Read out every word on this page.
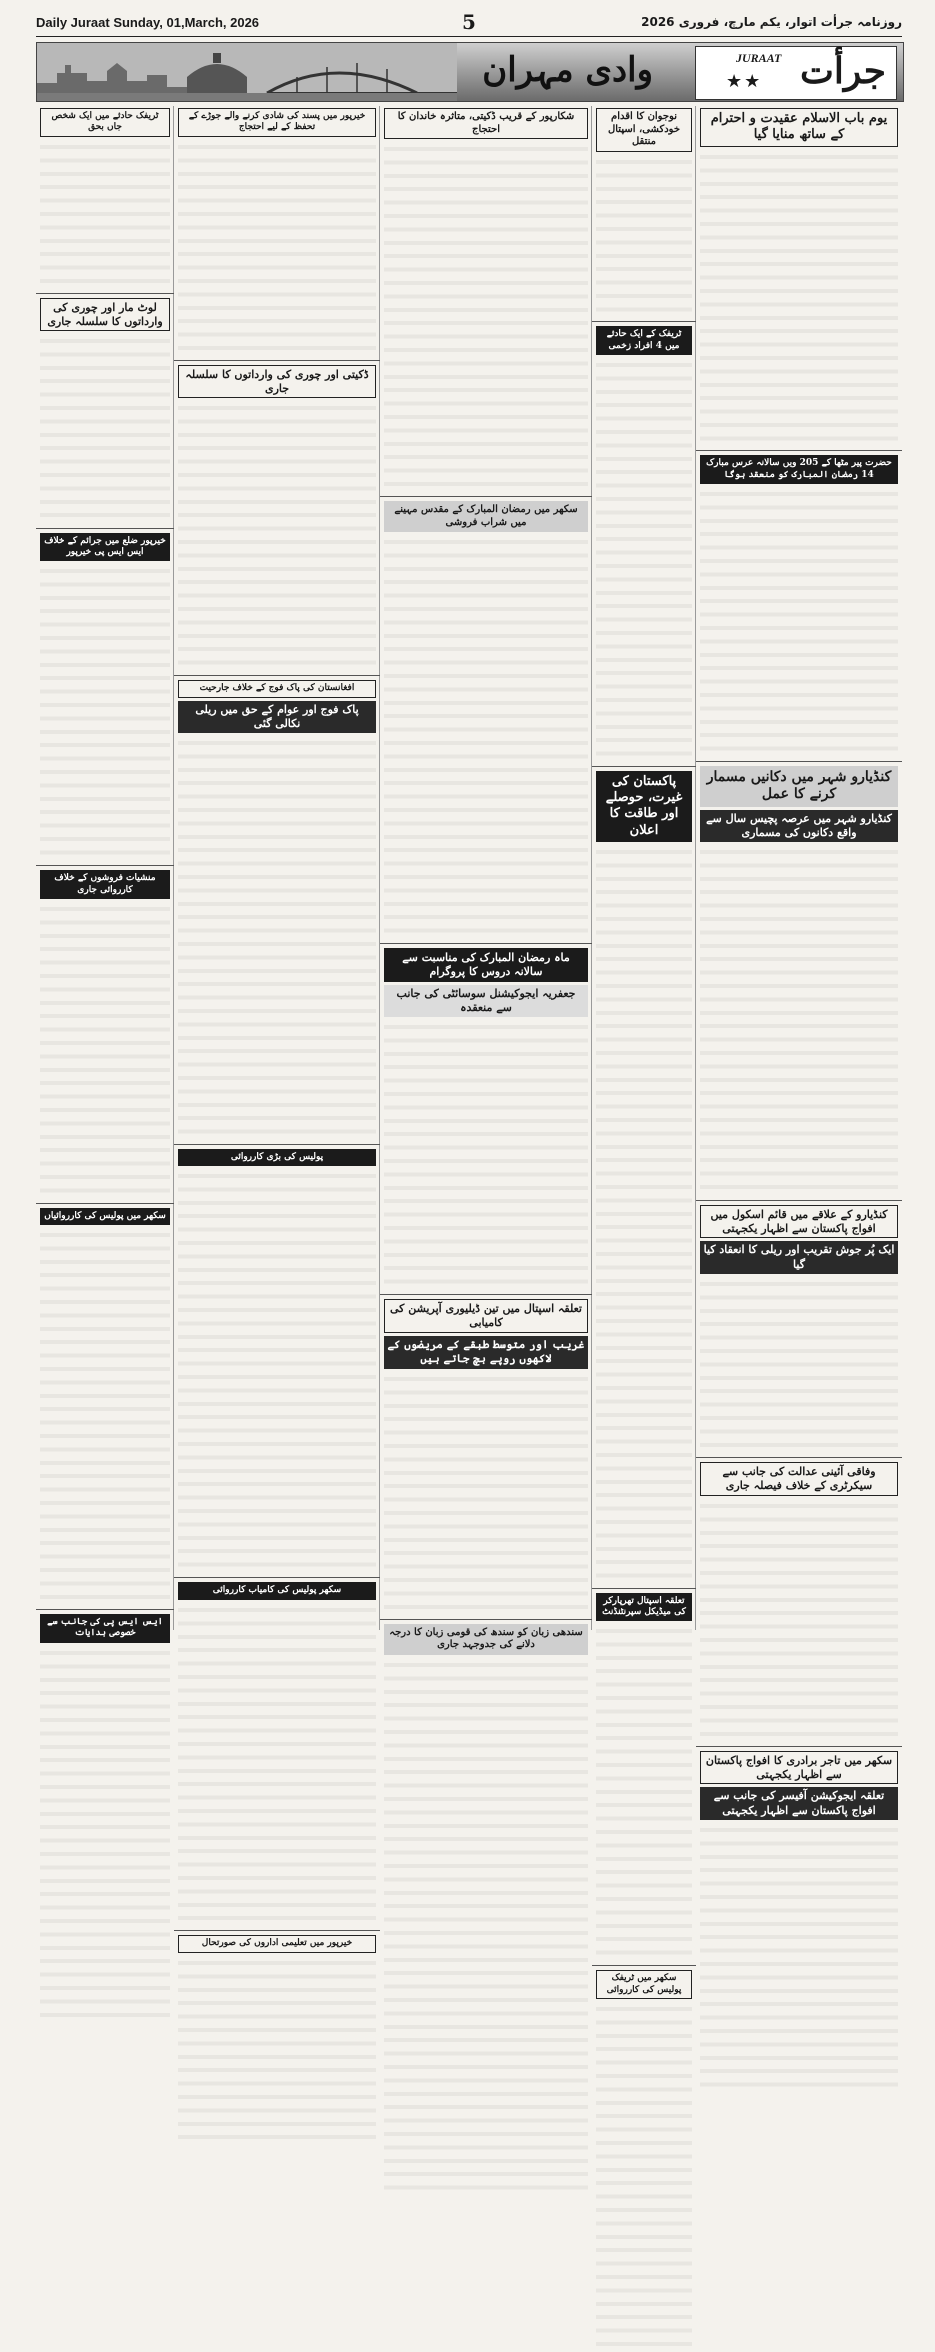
Daily Juraat Sunday, 01,March, 2026	5	روزنامہ جرأت اتوار، یکم مارچ، فروری 2026
وادی مہران	JURAAT
★★ جرأت
یوم باب الاسلام عقیدت و احترام کے ساتھ منایا گیا
حضرت پیر مٹھا کے 205 ویں سالانہ عرس مبارک 14 رمضان المبارک کو منعقد ہوگا
کنڈیارو شہر میں دکانیں مسمار کرنے کا عمل
کنڈیارو شہر میں عرصہ پچیس سال سے واقع دکانوں کی مسماری
کنڈیارو کے علاقے میں قائم اسکول میں افواج پاکستان سے اظہار یکجہتی
ایک پُر جوش تقریب اور ریلی کا انعقاد کیا گیا
وفاقی آئینی عدالت کی جانب سے سیکرٹری کے خلاف فیصلہ جاری
سکھر میں تاجر برادری کا افواج پاکستان سے اظہار یکجہتی
تعلقہ ایجوکیشن آفیسر کی جانب سے افواج پاکستان سے اظہار یکجہتی
نوجوان کا اقدام خودکشی، اسپتال منتقل
ٹریفک کے ایک حادثے میں 4 افراد زخمی
پاکستان کی غیرت، حوصلے اور طاقت کا اعلان
تعلقہ اسپتال تھرپارکر کی میڈیکل سپرنٹنڈنٹ
سکھر میں ٹریفک پولیس کی کارروائی
شکارپور کے قریب ڈکیتی، متاثرہ خاندان کا احتجاج
سکھر میں رمضان المبارک کے مقدس مہینے میں شراب فروشی
ماہ رمضان المبارک کی مناسبت سے سالانہ دروس کا پروگرام
جعفریہ ایجوکیشنل سوسائٹی کی جانب سے منعقدہ
تعلقہ اسپتال میں تین ڈیلیوری آپریشن کی کامیابی
غریب اور متوسط طبقے کے مریضوں کے لاکھوں روپے بچ جاتے ہیں
سندھی زبان کو سندھ کی قومی زبان کا درجہ دلانے کی جدوجہد جاری
خیرپور میں پسند کی شادی کرنے والے جوڑے کے تحفظ کے لیے احتجاج
ڈکیتی اور چوری کی وارداتوں کا سلسلہ جاری
افغانستان کی پاک فوج کے خلاف جارحیت
پاک فوج اور عوام کے حق میں ریلی نکالی گئی
پولیس کی بڑی کارروائی
سکھر پولیس کی کامیاب کارروائی
خیرپور میں تعلیمی اداروں کی صورتحال
ٹریفک حادثے میں ایک شخص جاں بحق
لوٹ مار اور چوری کی وارداتوں کا سلسلہ جاری
خیرپور ضلع میں جرائم کے خلاف ایس ایس پی خیرپور
منشیات فروشوں کے خلاف کارروائی جاری
سکھر میں پولیس کی کارروائیاں
ایس ایس پی کی جانب سے خصوصی ہدایات
